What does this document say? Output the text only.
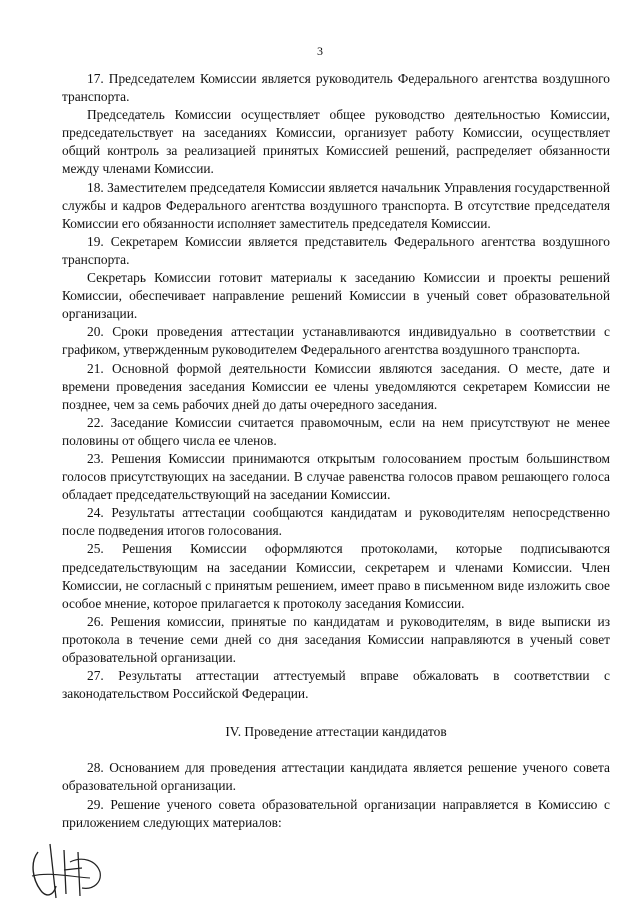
3

17. Председателем Комиссии является руководитель Федерального агентства воздушного транспорта.

Председатель Комиссии осуществляет общее руководство деятельностью Комиссии, председательствует на заседаниях Комиссии, организует работу Комиссии, осуществляет общий контроль за реализацией принятых Комиссией решений, распределяет обязанности между членами Комиссии.

18. Заместителем председателя Комиссии является начальник Управления государственной службы и кадров Федерального агентства воздушного транспорта. В отсутствие председателя Комиссии его обязанности исполняет заместитель председателя Комиссии.

19. Секретарем Комиссии является представитель Федерального агентства воздушного транспорта.

Секретарь Комиссии готовит материалы к заседанию Комиссии и проекты решений Комиссии, обеспечивает направление решений Комиссии в ученый совет образовательной организации.

20. Сроки проведения аттестации устанавливаются индивидуально в соответствии с графиком, утвержденным руководителем Федерального агентства воздушного транспорта.

21. Основной формой деятельности Комиссии являются заседания. О месте, дате и времени проведения заседания Комиссии ее члены уведомляются секретарем Комиссии не позднее, чем за семь рабочих дней до даты очередного заседания.

22. Заседание Комиссии считается правомочным, если на нем присутствуют не менее половины от общего числа ее членов.

23. Решения Комиссии принимаются открытым голосованием простым большинством голосов присутствующих на заседании. В случае равенства голосов правом решающего голоса обладает председательствующий на заседании Комиссии.

24. Результаты аттестации сообщаются кандидатам и руководителям непосредственно после подведения итогов голосования.

25. Решения Комиссии оформляются протоколами, которые подписываются председательствующим на заседании Комиссии, секретарем и членами Комиссии. Член Комиссии, не согласный с принятым решением, имеет право в письменном виде изложить свое особое мнение, которое прилагается к протоколу заседания Комиссии.

26. Решения комиссии, принятые по кандидатам и руководителям, в виде выписки из протокола в течение семи дней со дня заседания Комиссии направляются в ученый совет образовательной организации.

27. Результаты аттестации аттестуемый вправе обжаловать в соответствии с законодательством Российской Федерации.

IV. Проведение аттестации кандидатов

28. Основанием для проведения аттестации кандидата является решение ученого совета образовательной организации.

29. Решение ученого совета образовательной организации направляется в Комиссию с приложением следующих материалов:
